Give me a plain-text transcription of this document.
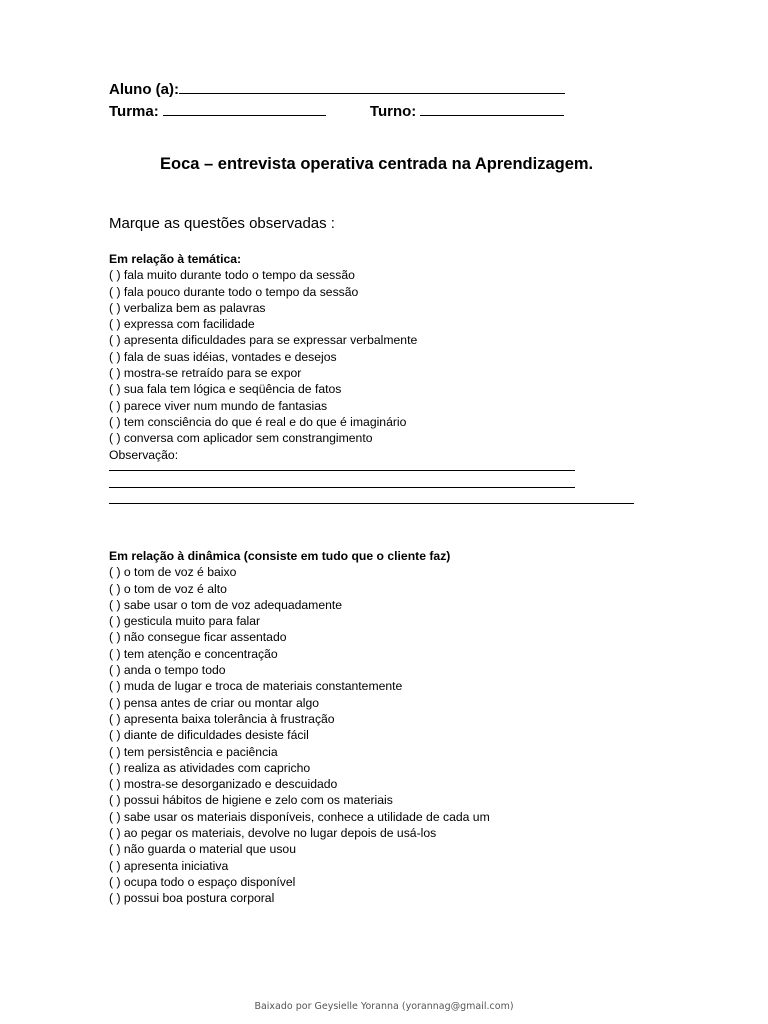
Aluno (a):
Turma:	Turno:
Eoca – entrevista operativa centrada na Aprendizagem.
Marque as questões observadas :
Em relação à temática:
( ) fala muito durante todo o tempo da sessão
( ) fala pouco durante todo o tempo da sessão
( ) verbaliza bem as palavras
( ) expressa com facilidade
( ) apresenta dificuldades para se expressar verbalmente
( ) fala de suas idéias, vontades e desejos
( ) mostra-se retraído para se expor
( ) sua fala tem lógica e seqüência de fatos
( ) parece viver num mundo de fantasias
( ) tem consciência do que é real e do que é imaginário
( ) conversa com aplicador sem constrangimento
Observação:
Em relação à dinâmica (consiste em tudo que o cliente faz)
( ) o tom de voz é baixo
( ) o tom de voz é alto
( ) sabe usar o tom de voz adequadamente
( ) gesticula muito para falar
( ) não consegue ficar assentado
( ) tem atenção e concentração
( ) anda o tempo todo
( ) muda de lugar e troca de materiais constantemente
( ) pensa antes de criar ou montar algo
( ) apresenta baixa tolerância à frustração
( ) diante de dificuldades desiste fácil
( ) tem persistência e paciência
( ) realiza as atividades com capricho
( ) mostra-se desorganizado e descuidado
( ) possui hábitos de higiene e zelo com os materiais
( ) sabe usar os materiais disponíveis, conhece a utilidade de cada um
( ) ao pegar os materiais, devolve no lugar depois de usá-los
( ) não guarda o material que usou
( ) apresenta iniciativa
( ) ocupa todo o espaço disponível
( ) possui boa postura corporal
Baixado por Geysielle Yoranna (yorannag@gmail.com)
